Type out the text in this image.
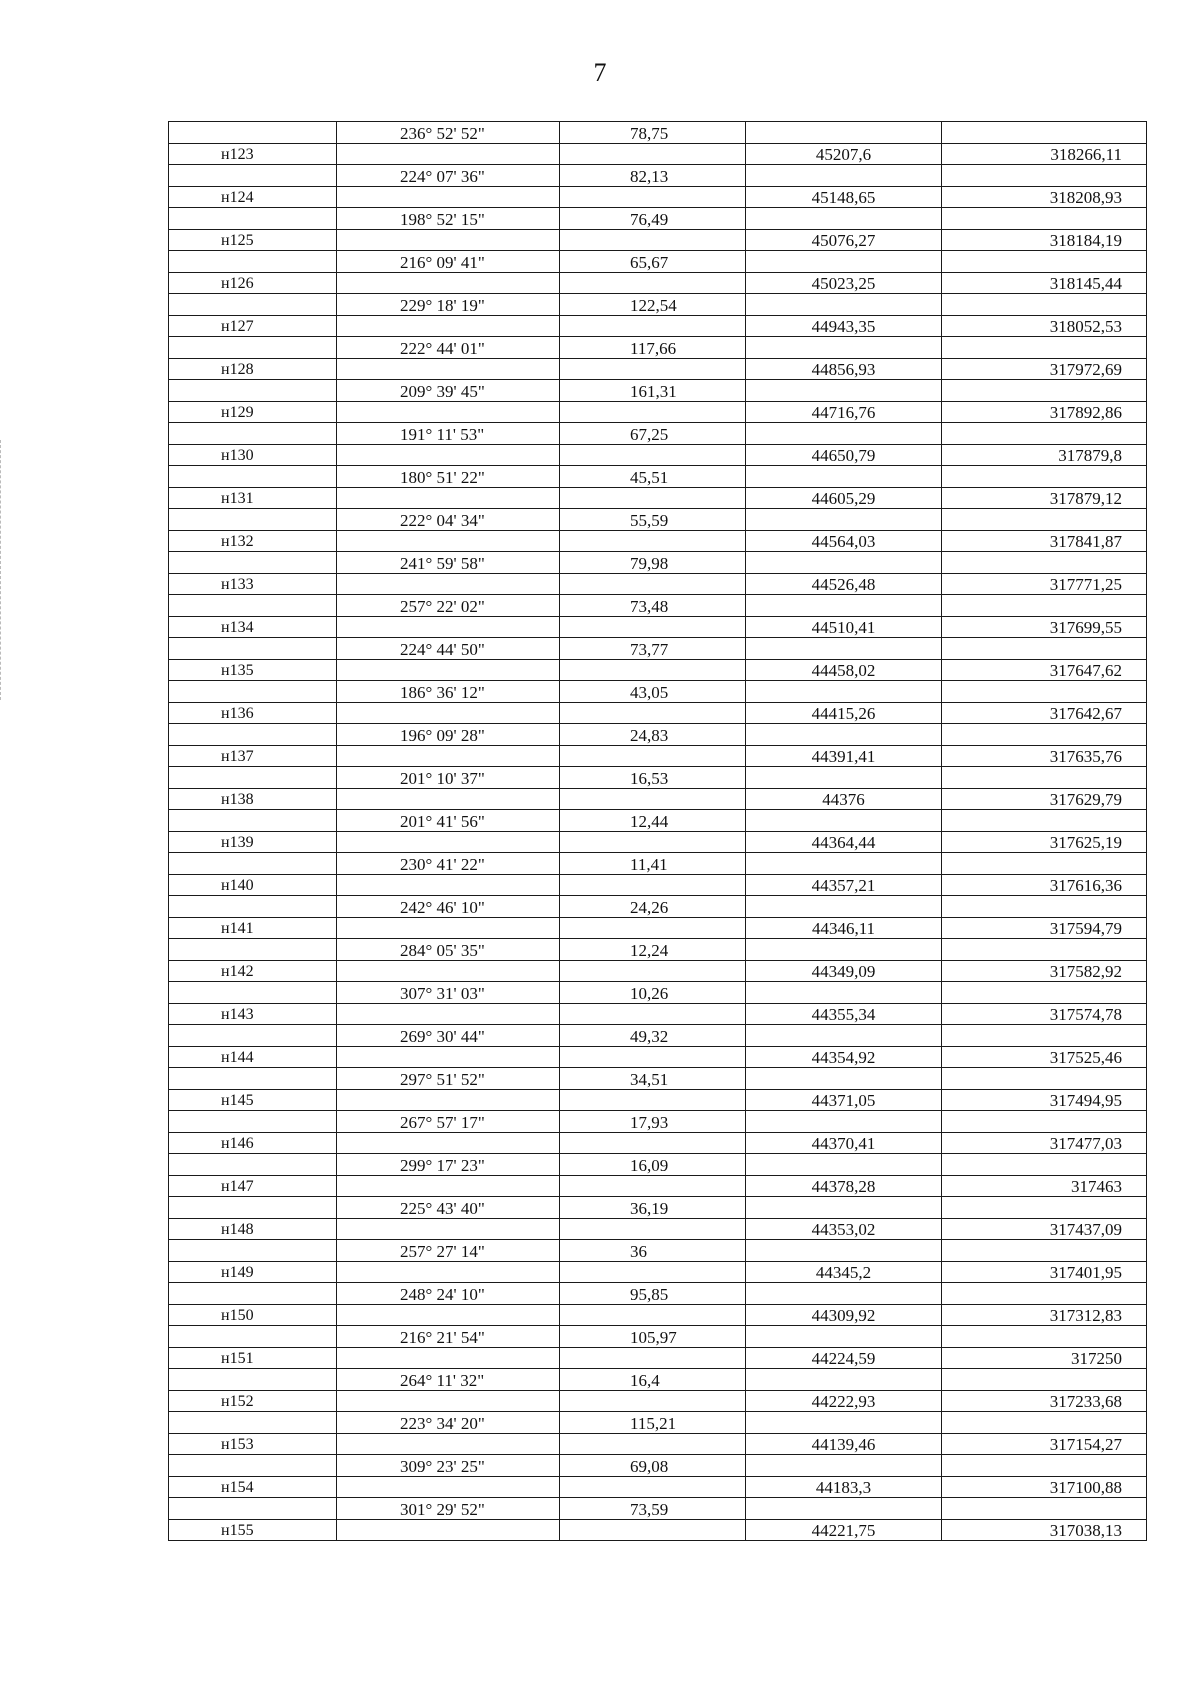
7
	236° 52' 52"	78,75		
н123			45207,6	318266,11
	224° 07' 36"	82,13		
н124			45148,65	318208,93
	198° 52' 15"	76,49		
н125			45076,27	318184,19
	216° 09' 41"	65,67		
н126			45023,25	318145,44
	229° 18' 19"	122,54		
н127			44943,35	318052,53
	222° 44' 01"	117,66		
н128			44856,93	317972,69
	209° 39' 45"	161,31		
н129			44716,76	317892,86
	191° 11' 53"	67,25		
н130			44650,79	317879,8
	180° 51' 22"	45,51		
н131			44605,29	317879,12
	222° 04' 34"	55,59		
н132			44564,03	317841,87
	241° 59' 58"	79,98		
н133			44526,48	317771,25
	257° 22' 02"	73,48		
н134			44510,41	317699,55
	224° 44' 50"	73,77		
н135			44458,02	317647,62
	186° 36' 12"	43,05		
н136			44415,26	317642,67
	196° 09' 28"	24,83		
н137			44391,41	317635,76
	201° 10' 37"	16,53		
н138			44376	317629,79
	201° 41' 56"	12,44		
н139			44364,44	317625,19
	230° 41' 22"	11,41		
н140			44357,21	317616,36
	242° 46' 10"	24,26		
н141			44346,11	317594,79
	284° 05' 35"	12,24		
н142			44349,09	317582,92
	307° 31' 03"	10,26		
н143			44355,34	317574,78
	269° 30' 44"	49,32		
н144			44354,92	317525,46
	297° 51' 52"	34,51		
н145			44371,05	317494,95
	267° 57' 17"	17,93		
н146			44370,41	317477,03
	299° 17' 23"	16,09		
н147			44378,28	317463
	225° 43' 40"	36,19		
н148			44353,02	317437,09
	257° 27' 14"	36		
н149			44345,2	317401,95
	248° 24' 10"	95,85		
н150			44309,92	317312,83
	216° 21' 54"	105,97		
н151			44224,59	317250
	264° 11' 32"	16,4		
н152			44222,93	317233,68
	223° 34' 20"	115,21		
н153			44139,46	317154,27
	309° 23' 25"	69,08		
н154			44183,3	317100,88
	301° 29' 52"	73,59		
н155			44221,75	317038,13
